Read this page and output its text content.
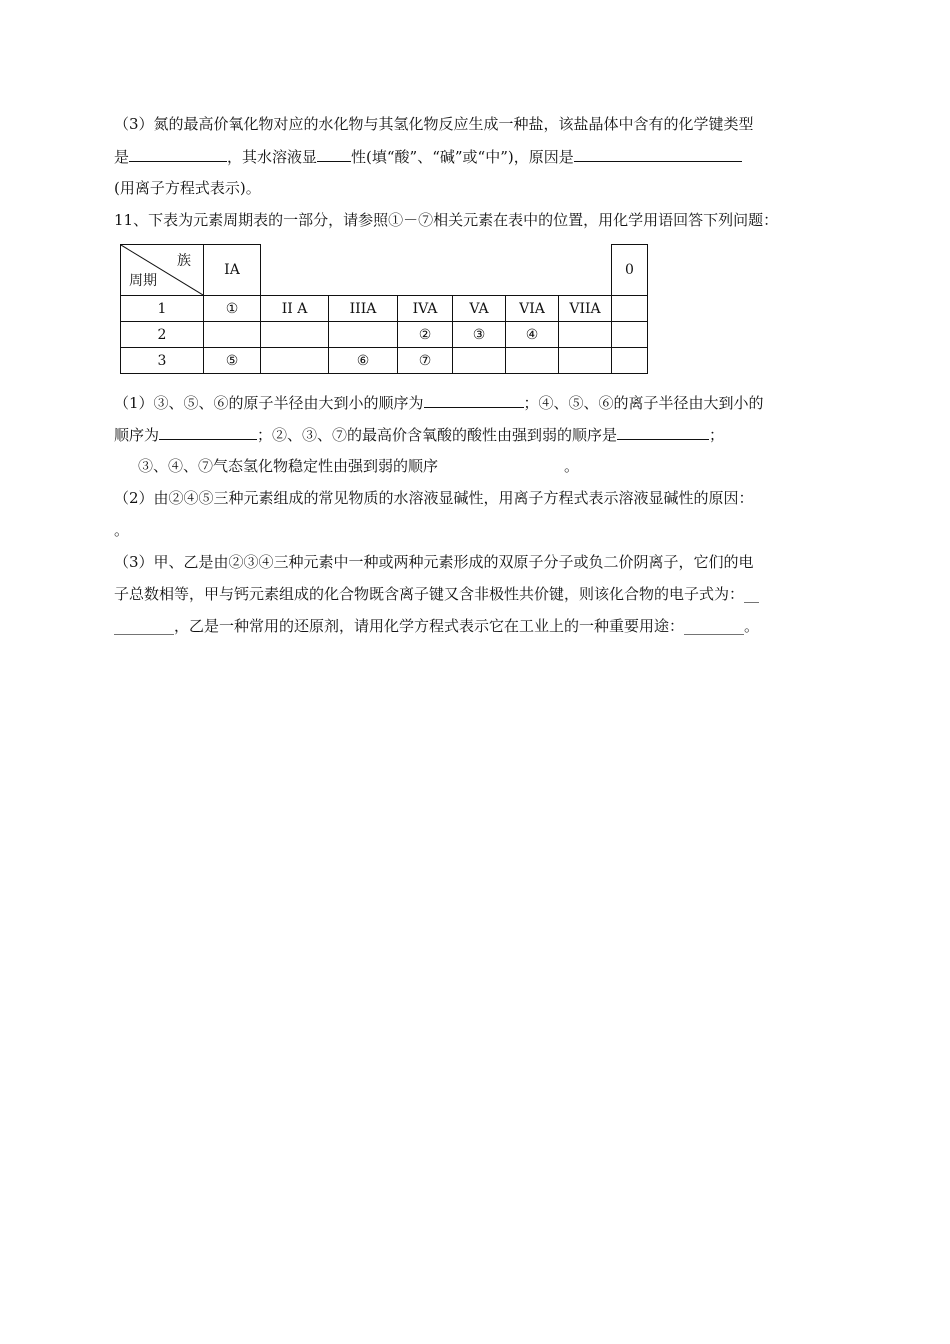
（3）氮的最高价氧化物对应的水化物与其氢化物反应生成一种盐，该盐晶体中含有的化学键类型
是	，其水溶液显 性(填“酸”、“碱”或“中”)，原因是
(用离子方程式表示)。
11、下表为元素周期表的一部分，请参照①－⑦相关元素在表中的位置，用化学用语回答下列问题：
族
周期	IA							0
1	①	II A	IIIA	IVA	VA	VIA	VIIA	
2				②	③	④		
3	⑤		⑥	⑦				
（1）③、⑤、⑥的原子半径由大到小的顺序为	；④、⑤、⑥的离子半径由大到小的
顺序为	；②、③、⑦的最高价含氧酸的酸性由强到弱的顺序是	；
③、④、⑦气态氢化物稳定性由强到弱的顺序	。
（2）由②④⑤三种元素组成的常见物质的水溶液显碱性，用离子方程式表示溶液显碱性的原因：
。
（3）甲、乙是由②③④三种元素中一种或两种元素形成的双原子分子或负二价阴离子，它们的电
子总数相等，甲与钙元素组成的化合物既含离子键又含非极性共价键，则该化合物的电子式为：__
________，乙是一种常用的还原剂，请用化学方程式表示它在工业上的一种重要用途：________。
